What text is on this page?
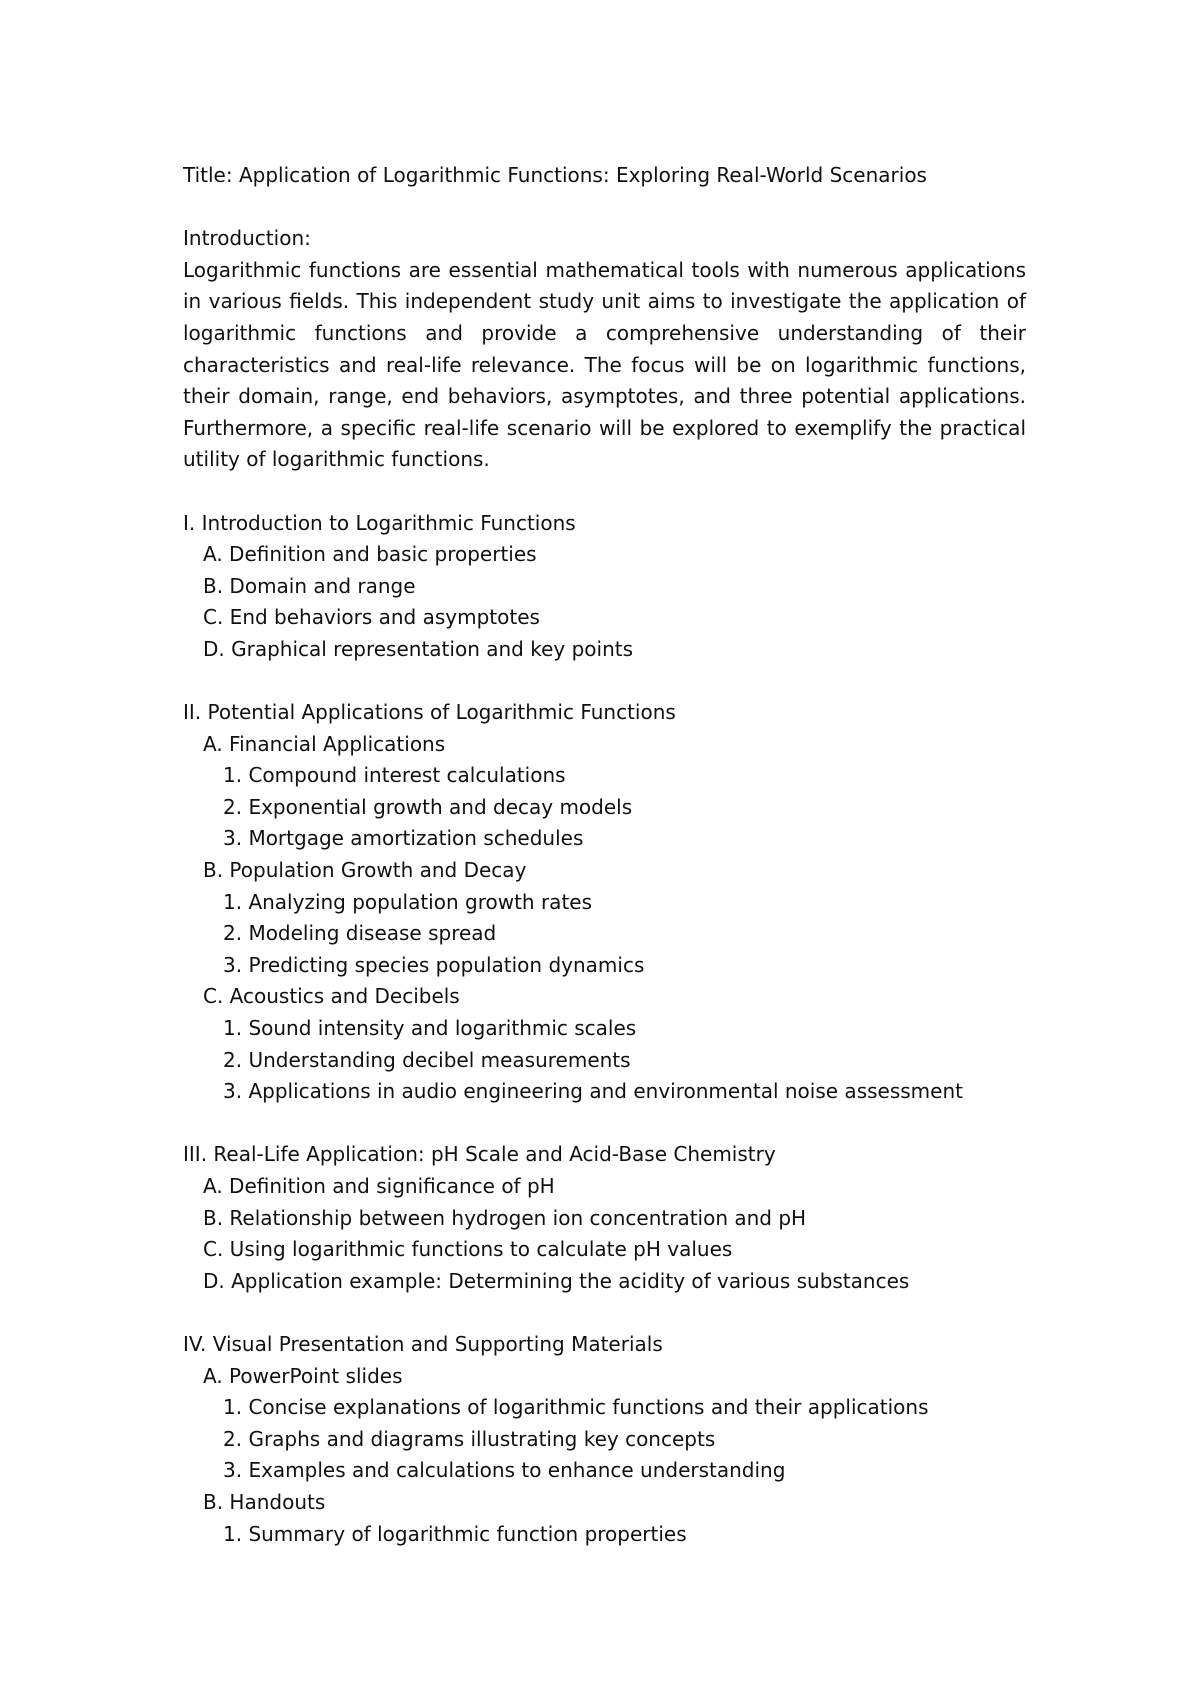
Title: Application of Logarithmic Functions: Exploring Real-World Scenarios
Introduction:

Logarithmic functions are essential mathematical tools with numerous applications in various fields. This independent study unit aims to investigate the application of logarithmic functions and provide a comprehensive understanding of their characteristics and real-life relevance. The focus will be on logarithmic functions, their domain, range, end behaviors, asymptotes, and three potential applications. Furthermore, a specific real-life scenario will be explored to exemplify the practical utility of logarithmic functions.

I. Introduction to Logarithmic Functions
A. Definition and basic properties
B. Domain and range
C. End behaviors and asymptotes
D. Graphical representation and key points
II. Potential Applications of Logarithmic Functions
A. Financial Applications
1. Compound interest calculations
2. Exponential growth and decay models
3. Mortgage amortization schedules
B. Population Growth and Decay
1. Analyzing population growth rates
2. Modeling disease spread
3. Predicting species population dynamics
C. Acoustics and Decibels
1. Sound intensity and logarithmic scales
2. Understanding decibel measurements
3. Applications in audio engineering and environmental noise assessment
III. Real-Life Application: pH Scale and Acid-Base Chemistry
A. Definition and significance of pH
B. Relationship between hydrogen ion concentration and pH
C. Using logarithmic functions to calculate pH values
D. Application example: Determining the acidity of various substances
IV. Visual Presentation and Supporting Materials
A. PowerPoint slides
1. Concise explanations of logarithmic functions and their applications
2. Graphs and diagrams illustrating key concepts
3. Examples and calculations to enhance understanding
B. Handouts
1. Summary of logarithmic function properties
